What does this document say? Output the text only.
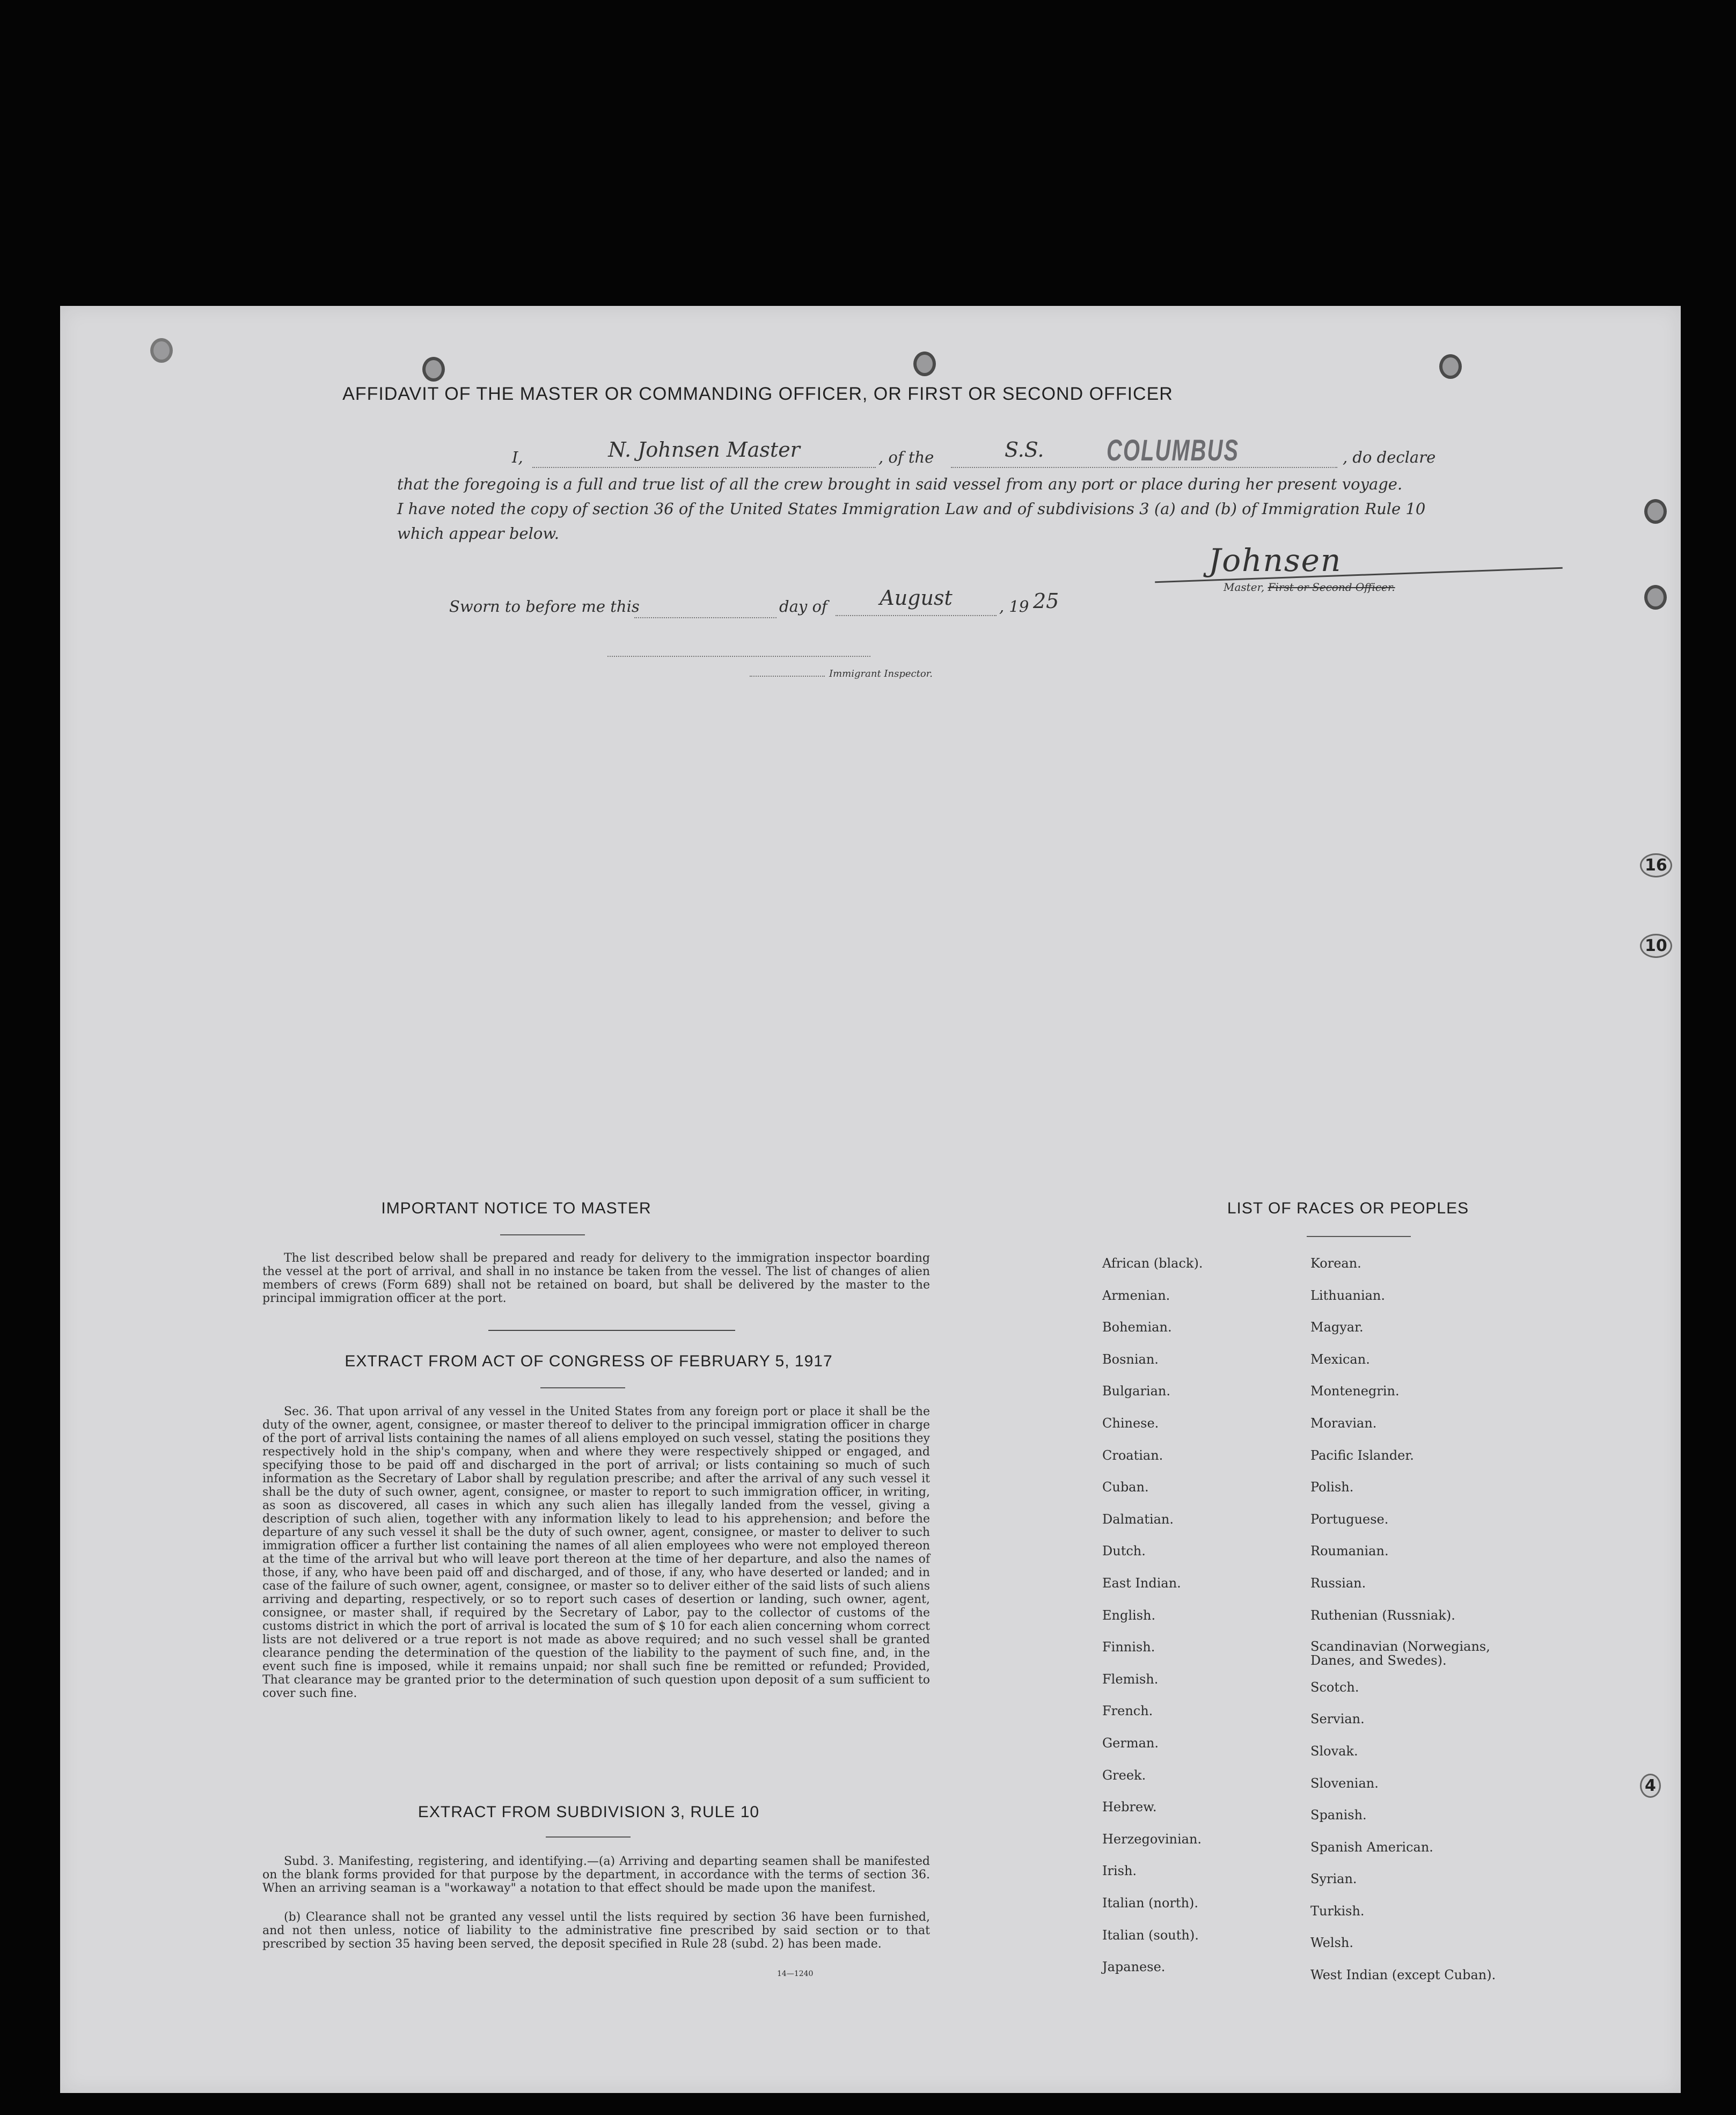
16
10
4
AFFIDAVIT OF THE MASTER OR COMMANDING OFFICER, OR FIRST OR SECOND OFFICER
I,	N. Johnsen Master	, of the	S.S.	COLUMBUS	, do declare
that the foregoing is a full and true list of all the crew brought in said vessel from any port or place during her present voyage.
I have noted the copy of section 36 of the United States Immigration Law and of subdivisions 3 (a) and (b) of Immigration Rule 10
which appear below.
Sworn to before me this	day of	August	, 19 25
Johnsen
Master, First or Second Officer.
Immigrant Inspector.
IMPORTANT NOTICE TO MASTER
The list described below shall be prepared and ready for delivery to the immigration inspector boarding the vessel at the port of arrival, and shall in no instance be taken from the vessel. The list of changes of alien members of crews (Form 689) shall not be retained on board, but shall be delivered by the master to the principal immigration officer at the port.
EXTRACT FROM ACT OF CONGRESS OF FEBRUARY 5, 1917
Sec. 36. That upon arrival of any vessel in the United States from any foreign port or place it shall be the duty of the owner, agent, consignee, or master thereof to deliver to the principal immigration officer in charge of the port of arrival lists containing the names of all aliens employed on such vessel, stating the positions they respectively hold in the ship's company, when and where they were respectively shipped or engaged, and specifying those to be paid off and discharged in the port of arrival; or lists containing so much of such information as the Secretary of Labor shall by regulation prescribe; and after the arrival of any such vessel it shall be the duty of such owner, agent, consignee, or master to report to such immigration officer, in writing, as soon as discovered, all cases in which any such alien has illegally landed from the vessel, giving a description of such alien, together with any information likely to lead to his apprehension; and before the departure of any such vessel it shall be the duty of such owner, agent, consignee, or master to deliver to such immigration officer a further list containing the names of all alien employees who were not employed thereon at the time of the arrival but who will leave port thereon at the time of her departure, and also the names of those, if any, who have been paid off and discharged, and of those, if any, who have deserted or landed; and in case of the failure of such owner, agent, consignee, or master so to deliver either of the said lists of such aliens arriving and departing, respectively, or so to report such cases of desertion or landing, such owner, agent, consignee, or master shall, if required by the Secretary of Labor, pay to the collector of customs of the customs district in which the port of arrival is located the sum of $ 10 for each alien concerning whom correct lists are not delivered or a true report is not made as above required; and no such vessel shall be granted clearance pending the determination of the question of the liability to the payment of such fine, and, in the event such fine is imposed, while it remains unpaid; nor shall such fine be remitted or refunded; Provided, That clearance may be granted prior to the determination of such question upon deposit of a sum sufficient to cover such fine.
EXTRACT FROM SUBDIVISION 3, RULE 10
Subd. 3. Manifesting, registering, and identifying.—(a) Arriving and departing seamen shall be manifested on the blank forms provided for that purpose by the department, in accordance with the terms of section 36. When an arriving seaman is a "workaway" a notation to that effect should be made upon the manifest.
(b) Clearance shall not be granted any vessel until the lists required by section 36 have been furnished, and not then unless, notice of liability to the administrative fine prescribed by said section or to that prescribed by section 35 having been served, the deposit specified in Rule 28 (subd. 2) has been made.
14—1240
LIST OF RACES OR PEOPLES
African (black).
Armenian.
Bohemian.
Bosnian.
Bulgarian.
Chinese.
Croatian.
Cuban.
Dalmatian.
Dutch.
East Indian.
English.
Finnish.
Flemish.
French.
German.
Greek.
Hebrew.
Herzegovinian.
Irish.
Italian (north).
Italian (south).
Japanese.
Korean.
Lithuanian.
Magyar.
Mexican.
Montenegrin.
Moravian.
Pacific Islander.
Polish.
Portuguese.
Roumanian.
Russian.
Ruthenian (Russniak).
Scandinavian (Norwegians, Danes, and Swedes).
Scotch.
Servian.
Slovak.
Slovenian.
Spanish.
Spanish American.
Syrian.
Turkish.
Welsh.
West Indian (except Cuban).
